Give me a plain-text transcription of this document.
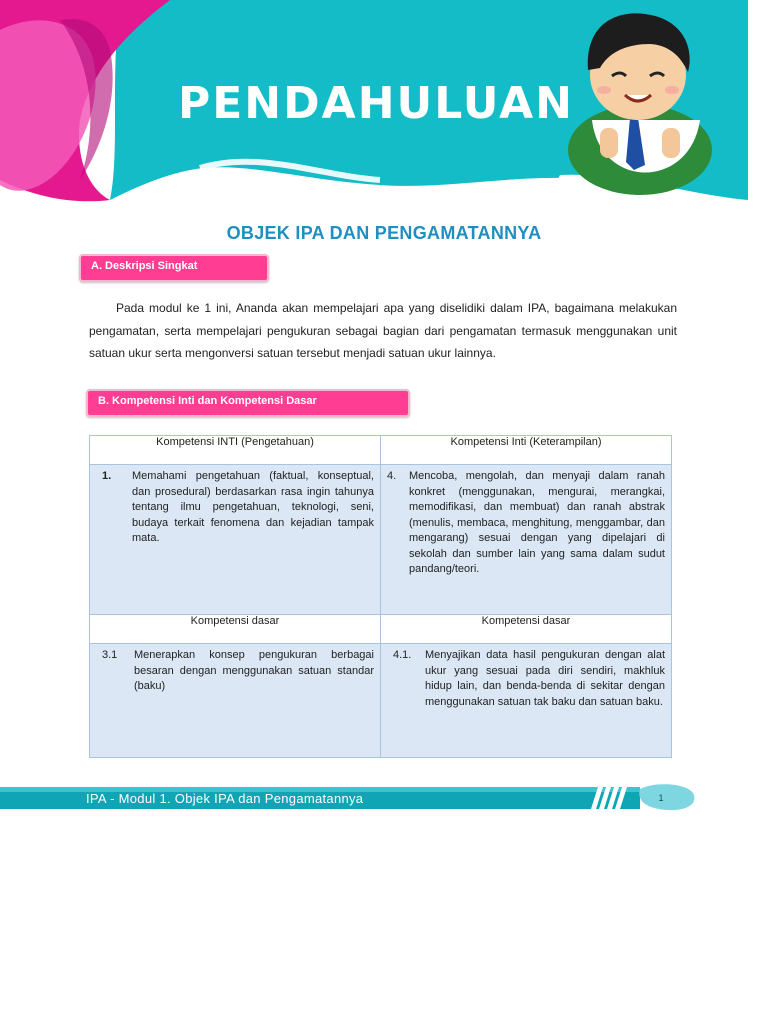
PENDAHULUAN
OBJEK IPA DAN PENGAMATANNYA
A. Deskripsi Singkat
Pada modul ke 1 ini, Ananda akan mempelajari apa yang diselidiki dalam IPA, bagaimana melakukan pengamatan, serta mempelajari pengukuran sebagai bagian dari pengamatan termasuk menggunakan unit satuan ukur serta mengonversi satuan tersebut menjadi satuan ukur lainnya.
B. Kompetensi Inti dan Kompetensi Dasar
Kompetensi INTI (Pengetahuan)	Kompetensi Inti (Keterampilan)

1. Memahami pengetahuan (faktual, konseptual, dan prosedural) berdasarkan rasa ingin tahunya tentang ilmu pengetahuan, teknologi, seni, budaya terkait fenomena dan kejadian tampak mata.	4. Mencoba, mengolah, dan menyaji dalam ranah konkret (menggunakan, mengurai, merangkai, memodifikasi, dan membuat) dan ranah abstrak (menulis, membaca, menghitung, menggambar, dan mengarang) sesuai dengan yang dipelajari di sekolah dan sumber lain yang sama dalam sudut pandang/teori.

Kompetensi dasar	Kompetensi dasar

3.1 Menerapkan konsep pengukuran berbagai besaran dengan menggunakan satuan standar (baku)	4.1. Menyajikan data hasil pengukuran dengan alat ukur yang sesuai pada diri sendiri, makhluk hidup lain, dan benda-benda di sekitar dengan menggunakan satuan tak baku dan satuan baku.
IPA - Modul 1. Objek IPA dan Pengamatannya	1
